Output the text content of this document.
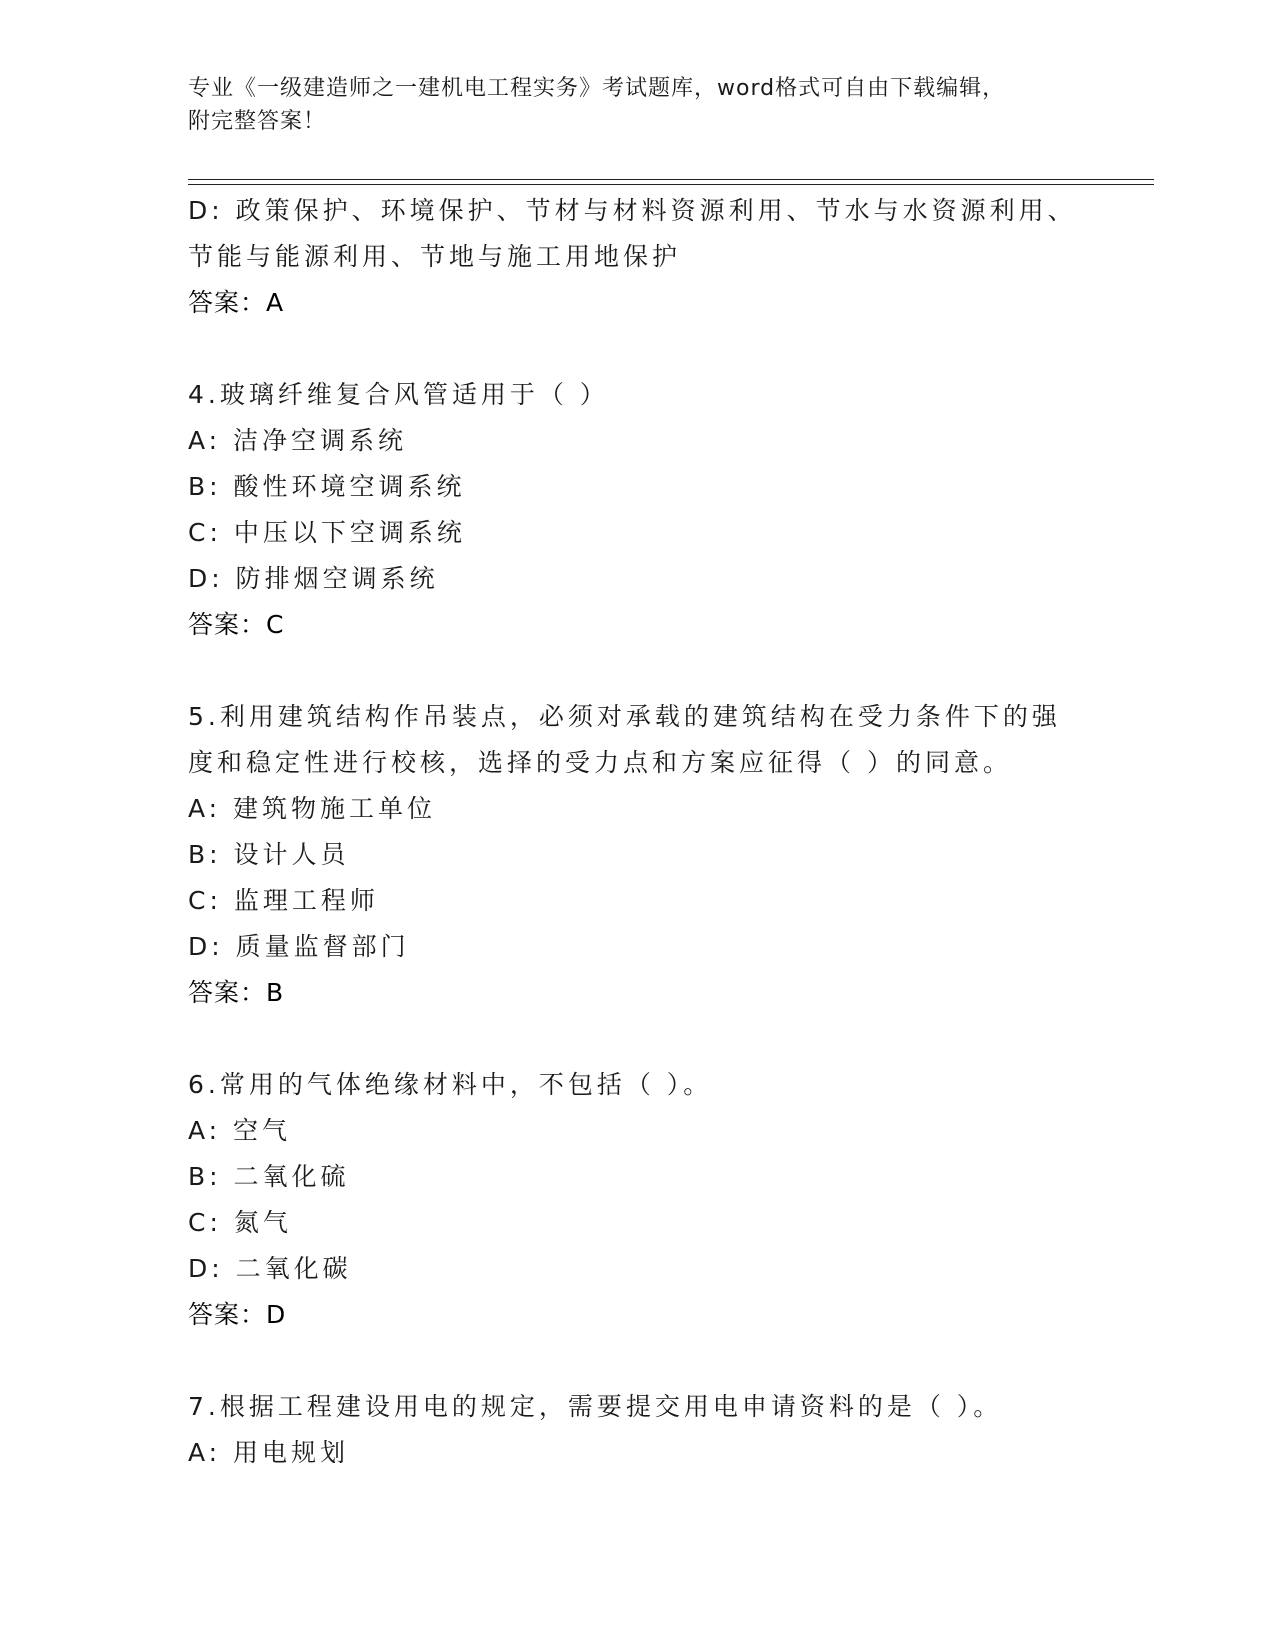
专业《一级建造师之一建机电工程实务》考试题库，word格式可自由下载编辑，
附完整答案！
D: 政策保护、环境保护、节材与材料资源利用、节水与水资源利用、
节能与能源利用、节地与施工用地保护
答案：A
4.玻璃纤维复合风管适用于（ ）
A: 洁净空调系统
B: 酸性环境空调系统
C: 中压以下空调系统
D: 防排烟空调系统
答案：C
5.利用建筑结构作吊装点，必须对承载的建筑结构在受力条件下的强
度和稳定性进行校核，选择的受力点和方案应征得（ ）的同意。
A: 建筑物施工单位
B: 设计人员
C: 监理工程师
D: 质量监督部门
答案：B
6.常用的气体绝缘材料中，不包括（ ）。
A: 空气
B: 二氧化硫
C: 氮气
D: 二氧化碳
答案：D
7.根据工程建设用电的规定，需要提交用电申请资料的是（ ）。
A: 用电规划
